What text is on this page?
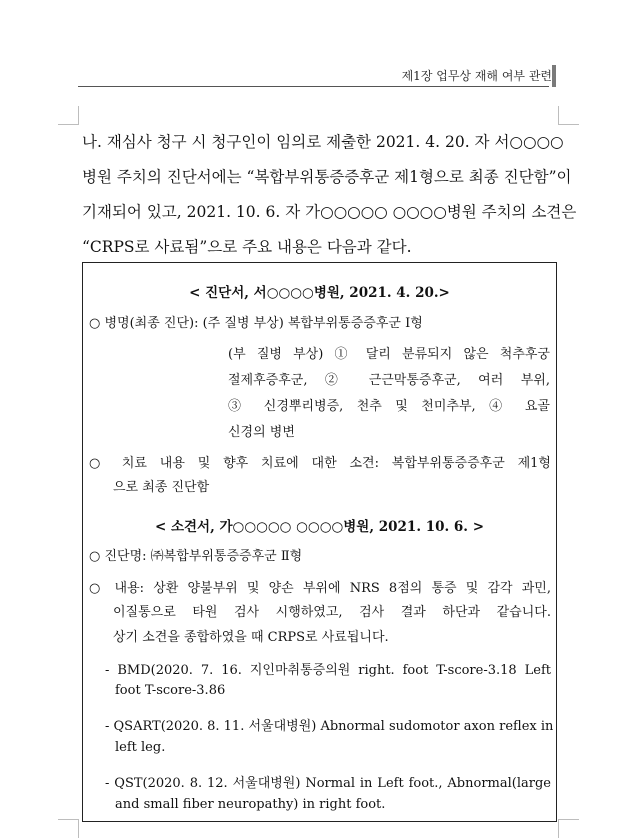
제1장 업무상 재해 여부 관련
나. 재심사 청구 시 청구인이 임의로 제출한 2021. 4. 20. 자 서○○○○
병원 주치의 진단서에는 “복합부위통증증후군 제1형으로 최종 진단함”이
기재되어 있고, 2021. 10. 6. 자 가○○○○○ ○○○○병원 주치의 소견은
“CRPS로 사료됨”으로 주요 내용은 다음과 같다.
< 진단서, 서○○○○병원, 2021. 4. 20.>
○ 병명(최종 진단): (주 질병 부상) 복합부위통증증후군 Ⅰ형
(부 질병 부상) ① 달리 분류되지 않은 척추후궁
절제후증후군, ② 근근막통증후군, 여러 부위,
③ 신경뿌리병증, 천추 및 천미추부, ④ 요골
신경의 병변
○ 치료 내용 및 향후 치료에 대한 소견: 복합부위통증증후군 제1형
으로 최종 진단함
< 소견서, 가○○○○○ ○○○○병원, 2021. 10. 6. >
○ 진단명: ㈜복합부위통증증후군 Ⅱ형
○ 내용: 상환 양불부위 및 양손 부위에 NRS 8점의 통증 및 감각 과민,
이질통으로 타원 검사 시행하였고, 검사 결과 하단과 같습니다.
상기 소견을 종합하였을 때 CRPS로 사료됩니다.
- BMD(2020. 7. 16. 지인마취통증의원 right. foot T-score-3.18 Left
foot T-score-3.86
- QSART(2020. 8. 11. 서울대병원) Abnormal sudomotor axon reflex in
left leg.
- QST(2020. 8. 12. 서울대병원) Normal in Left foot., Abnormal(large
and small fiber neuropathy) in right foot.
